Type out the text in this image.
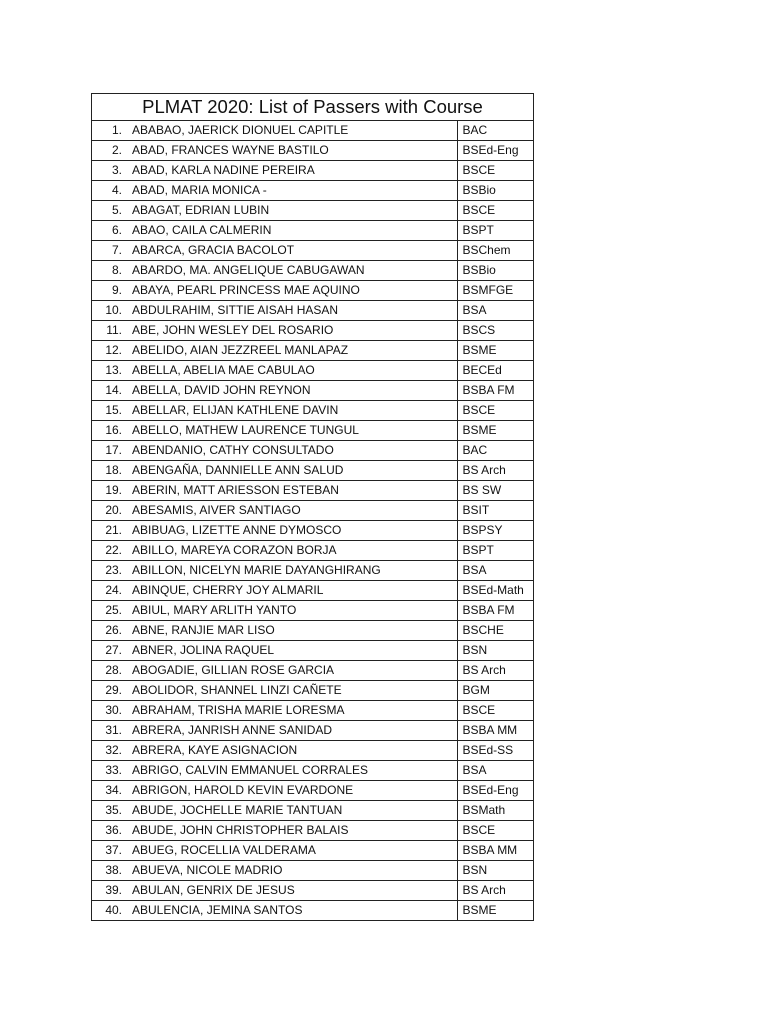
PLMAT 2020: List of Passers with Course
1.	ABABAO, JAERICK DIONUEL CAPITLE	BAC
2.	ABAD, FRANCES WAYNE BASTILO	BSEd-Eng
3.	ABAD, KARLA NADINE PEREIRA	BSCE
4.	ABAD, MARIA MONICA -	BSBio
5.	ABAGAT, EDRIAN LUBIN	BSCE
6.	ABAO, CAILA CALMERIN	BSPT
7.	ABARCA, GRACIA BACOLOT	BSChem
8.	ABARDO, MA. ANGELIQUE CABUGAWAN	BSBio
9.	ABAYA, PEARL PRINCESS MAE AQUINO	BSMFGE
10.	ABDULRAHIM, SITTIE AISAH HASAN	BSA
11.	ABE, JOHN WESLEY DEL ROSARIO	BSCS
12.	ABELIDO, AIAN JEZZREEL MANLAPAZ	BSME
13.	ABELLA, ABELIA MAE CABULAO	BECEd
14.	ABELLA, DAVID JOHN REYNON	BSBA FM
15.	ABELLAR, ELIJAN KATHLENE DAVIN	BSCE
16.	ABELLO, MATHEW LAURENCE TUNGUL	BSME
17.	ABENDANIO, CATHY CONSULTADO	BAC
18.	ABENGAÑA, DANNIELLE ANN SALUD	BS Arch
19.	ABERIN, MATT ARIESSON ESTEBAN	BS SW
20.	ABESAMIS, AIVER SANTIAGO	BSIT
21.	ABIBUAG, LIZETTE ANNE DYMOSCO	BSPSY
22.	ABILLO, MAREYA CORAZON BORJA	BSPT
23.	ABILLON, NICELYN MARIE DAYANGHIRANG	BSA
24.	ABINQUE, CHERRY JOY ALMARIL	BSEd-Math
25.	ABIUL, MARY ARLITH YANTO	BSBA FM
26.	ABNE, RANJIE MAR LISO	BSCHE
27.	ABNER, JOLINA RAQUEL	BSN
28.	ABOGADIE, GILLIAN ROSE GARCIA	BS Arch
29.	ABOLIDOR, SHANNEL LINZI CAÑETE	BGM
30.	ABRAHAM, TRISHA MARIE LORESMA	BSCE
31.	ABRERA, JANRISH ANNE SANIDAD	BSBA MM
32.	ABRERA, KAYE ASIGNACION	BSEd-SS
33.	ABRIGO, CALVIN EMMANUEL CORRALES	BSA
34.	ABRIGON, HAROLD KEVIN EVARDONE	BSEd-Eng
35.	ABUDE, JOCHELLE MARIE TANTUAN	BSMath
36.	ABUDE, JOHN CHRISTOPHER BALAIS	BSCE
37.	ABUEG, ROCELLIA VALDERAMA	BSBA MM
38.	ABUEVA, NICOLE MADRIO	BSN
39.	ABULAN, GENRIX DE JESUS	BS Arch
40.	ABULENCIA, JEMINA SANTOS	BSME
